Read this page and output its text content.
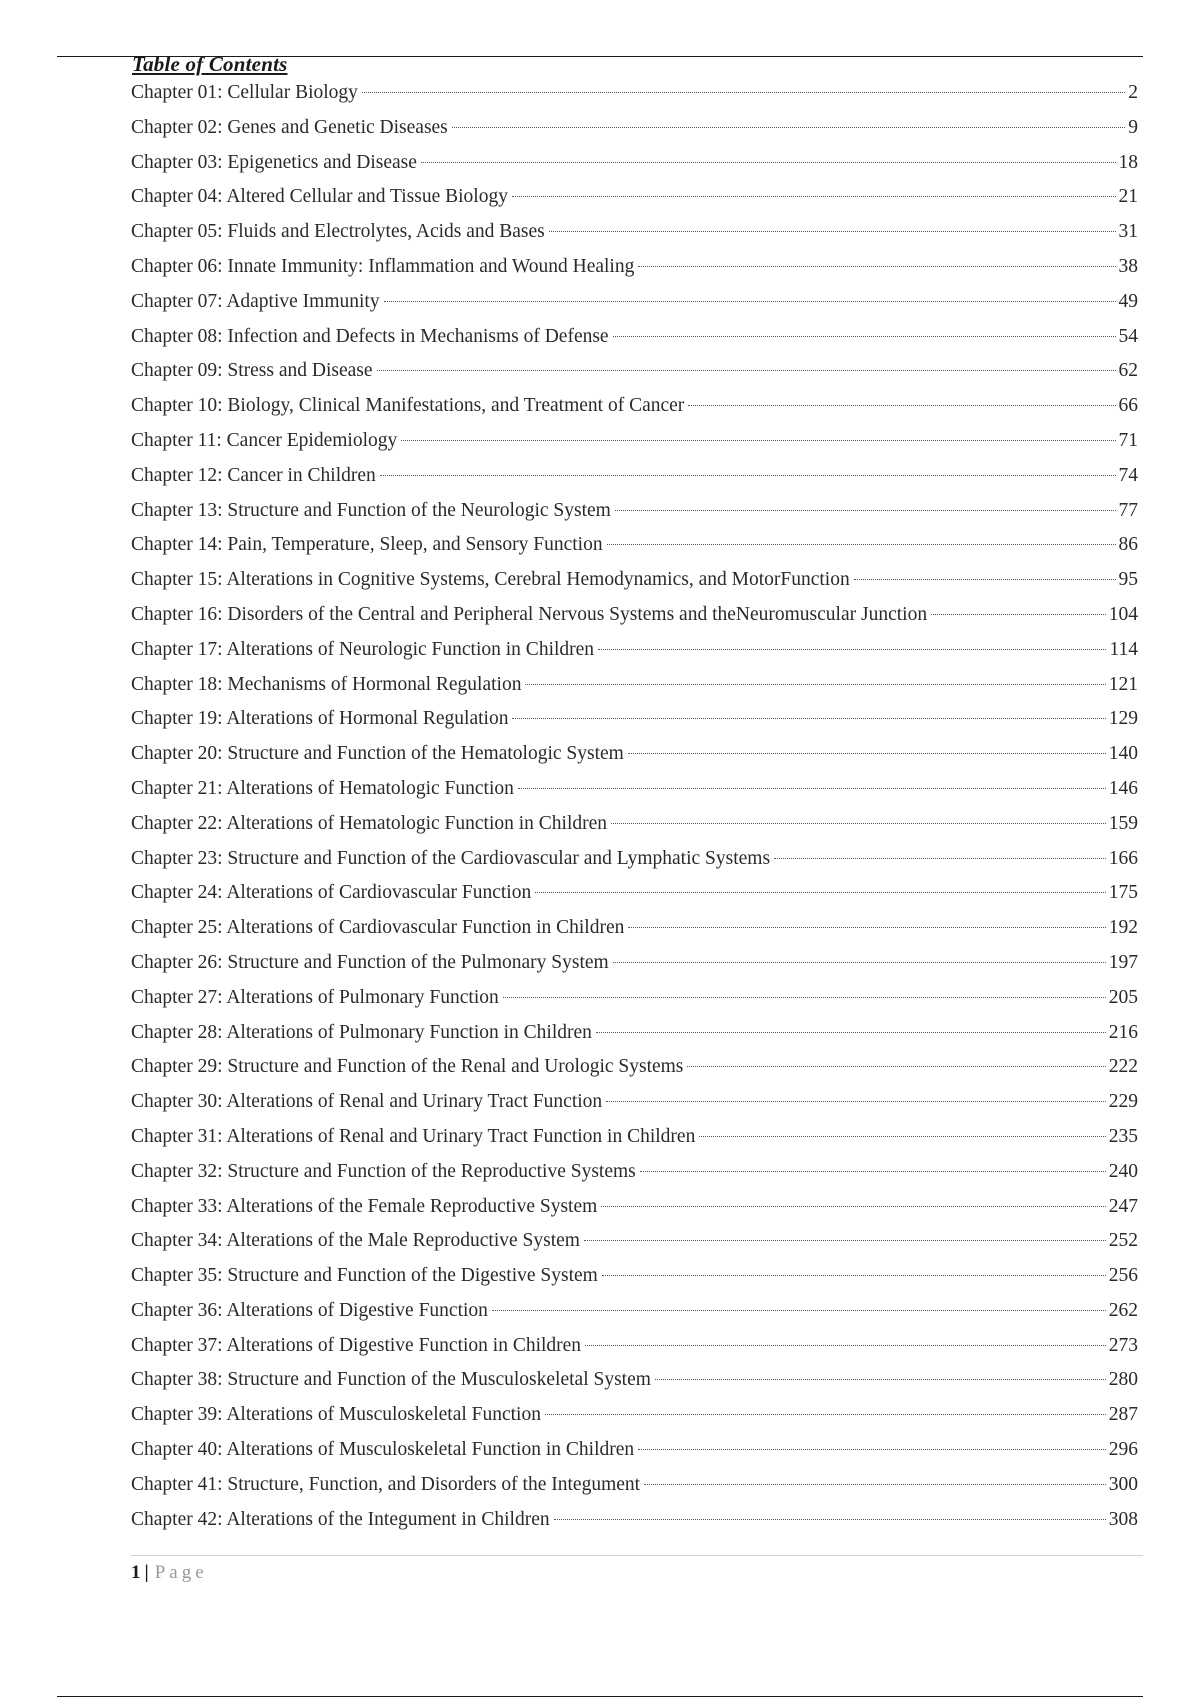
Table of Contents
Chapter 01: Cellular Biology	2
Chapter 02: Genes and Genetic Diseases	9
Chapter 03: Epigenetics and Disease	18
Chapter 04: Altered Cellular and Tissue Biology	21
Chapter 05: Fluids and Electrolytes, Acids and Bases	31
Chapter 06: Innate Immunity: Inflammation and Wound Healing	38
Chapter 07: Adaptive Immunity	49
Chapter 08: Infection and Defects in Mechanisms of Defense	54
Chapter 09: Stress and Disease	62
Chapter 10: Biology, Clinical Manifestations, and Treatment of Cancer	66
Chapter 11: Cancer Epidemiology	71
Chapter 12: Cancer in Children	74
Chapter 13: Structure and Function of the Neurologic System	77
Chapter 14: Pain, Temperature, Sleep, and Sensory Function	86
Chapter 15: Alterations in Cognitive Systems, Cerebral Hemodynamics, and MotorFunction	95
Chapter 16: Disorders of the Central and Peripheral Nervous Systems and theNeuromuscular Junction	104
Chapter 17: Alterations of Neurologic Function in Children	114
Chapter 18: Mechanisms of Hormonal Regulation	121
Chapter 19: Alterations of Hormonal Regulation	129
Chapter 20: Structure and Function of the Hematologic System	140
Chapter 21: Alterations of Hematologic Function	146
Chapter 22: Alterations of Hematologic Function in Children	159
Chapter 23: Structure and Function of the Cardiovascular and Lymphatic Systems	166
Chapter 24: Alterations of Cardiovascular Function	175
Chapter 25: Alterations of Cardiovascular Function in Children	192
Chapter 26: Structure and Function of the Pulmonary System	197
Chapter 27: Alterations of Pulmonary Function	205
Chapter 28: Alterations of Pulmonary Function in Children	216
Chapter 29: Structure and Function of the Renal and Urologic Systems	222
Chapter 30: Alterations of Renal and Urinary Tract Function	229
Chapter 31: Alterations of Renal and Urinary Tract Function in Children	235
Chapter 32: Structure and Function of the Reproductive Systems	240
Chapter 33: Alterations of the Female Reproductive System	247
Chapter 34: Alterations of the Male Reproductive System	252
Chapter 35: Structure and Function of the Digestive System	256
Chapter 36: Alterations of Digestive Function	262
Chapter 37: Alterations of Digestive Function in Children	273
Chapter 38: Structure and Function of the Musculoskeletal System	280
Chapter 39: Alterations of Musculoskeletal Function	287
Chapter 40: Alterations of Musculoskeletal Function in Children	296
Chapter 41: Structure, Function, and Disorders of the Integument	300
Chapter 42: Alterations of the Integument in Children	308
1 | Page
